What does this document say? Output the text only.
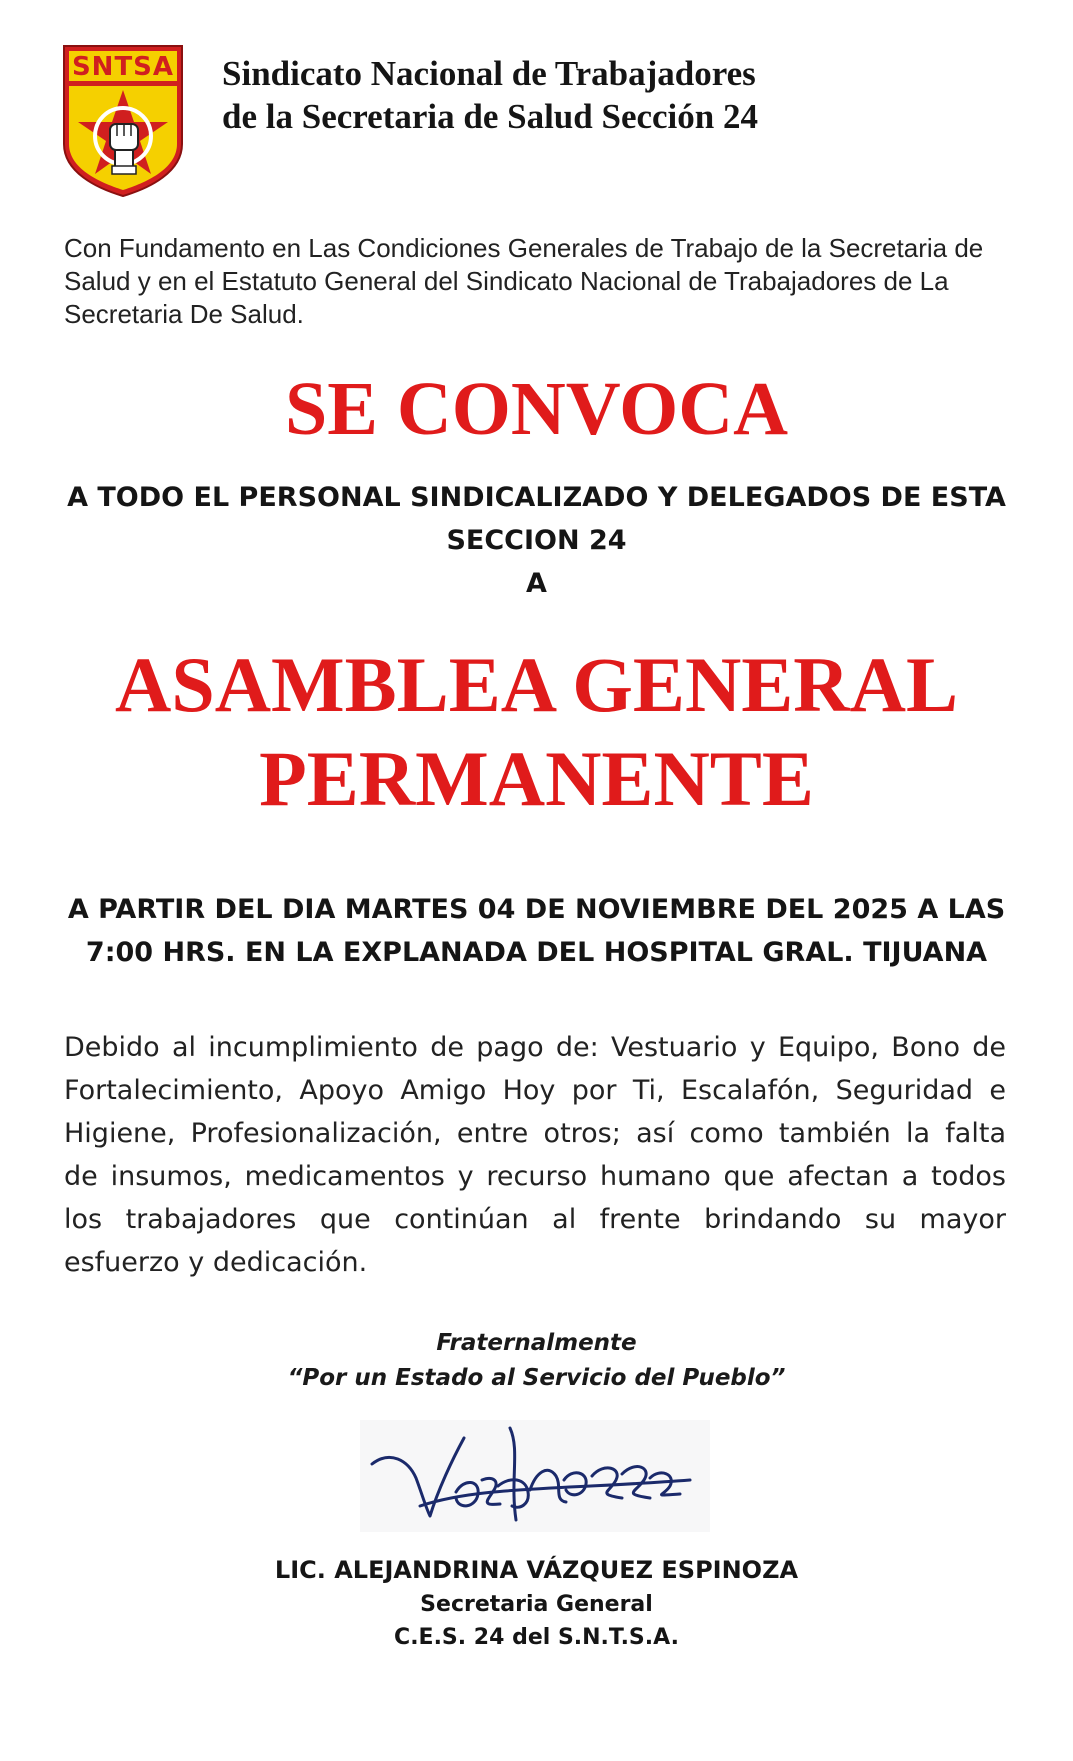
SNTSA Sindicato Nacional de Trabajadores
de la Secretaria de Salud Sección 24
Con Fundamento en Las Condiciones Generales de Trabajo de la Secretaria de Salud y en el Estatuto General del Sindicato Nacional de Trabajadores de La Secretaria De Salud.
SE CONVOCA
A TODO EL PERSONAL SINDICALIZADO Y DELEGADOS DE ESTA
SECCION 24
A
ASAMBLEA GENERAL
PERMANENTE
A PARTIR DEL DIA MARTES 04 DE NOVIEMBRE DEL 2025 A LAS
7:00 HRS. EN LA EXPLANADA DEL HOSPITAL GRAL. TIJUANA
Debido al incumplimiento de pago de: Vestuario y Equipo, Bono de
Fortalecimiento, Apoyo Amigo Hoy por Ti, Escalafón, Seguridad e
Higiene, Profesionalización, entre otros; así como también la falta
de insumos, medicamentos y recurso humano que afectan a todos
los trabajadores que continúan al frente brindando su mayor
esfuerzo y dedicación.
Fraternalmente
“Por un Estado al Servicio del Pueblo”
LIC. ALEJANDRINA VÁZQUEZ ESPINOZA
Secretaria General
C.E.S. 24 del S.N.T.S.A.
